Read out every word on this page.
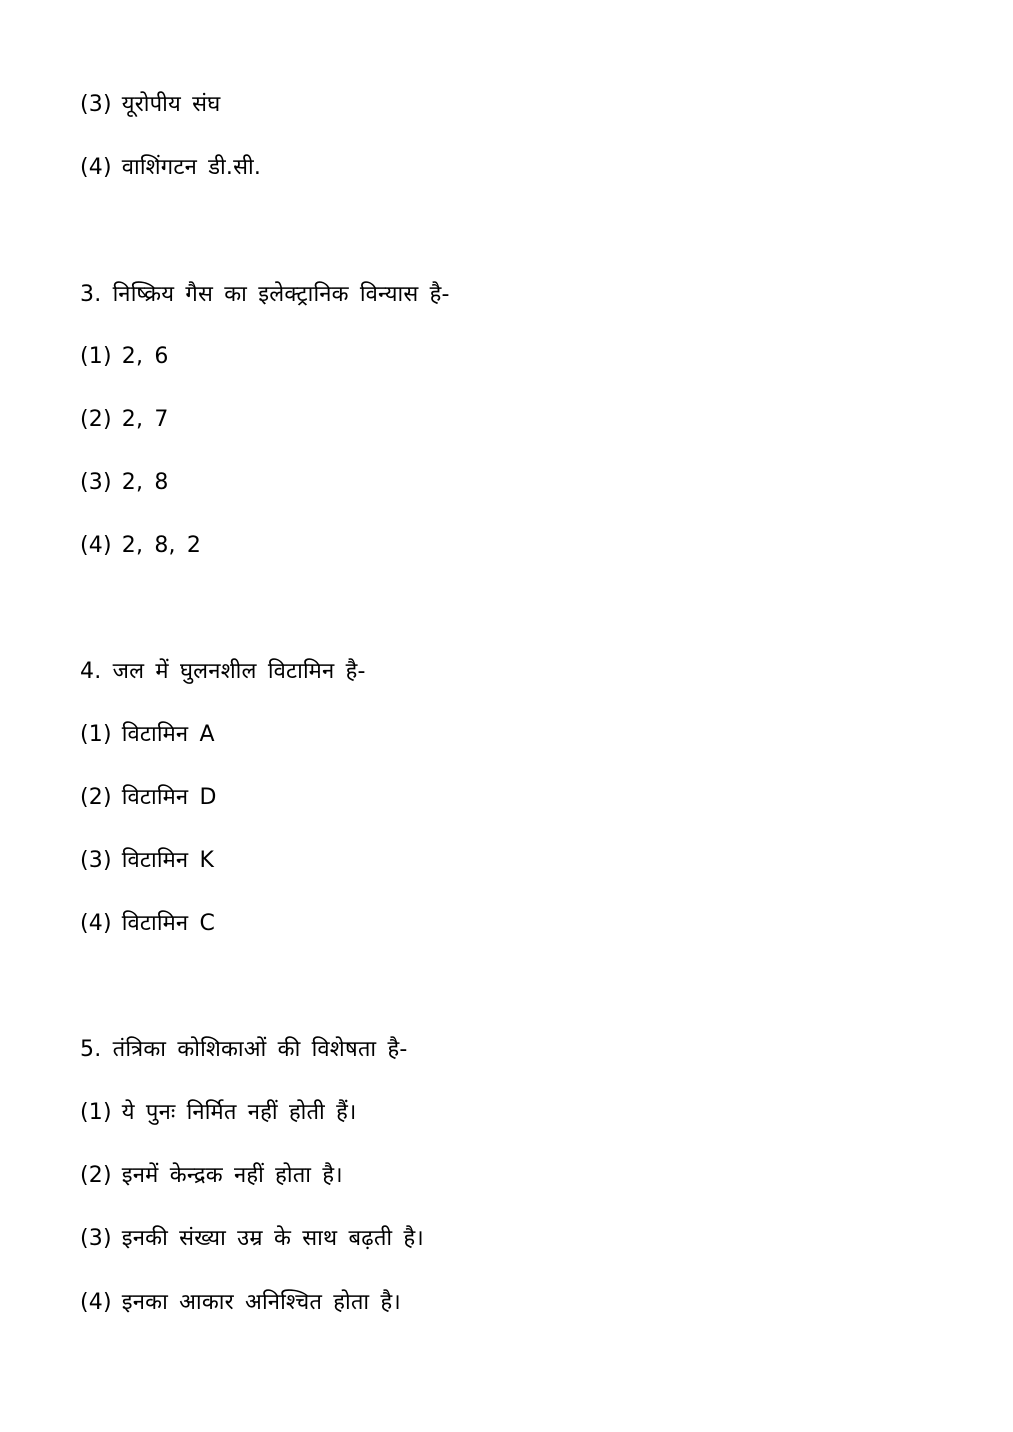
(3) यूरोपीय संघ
(4) वाशिंगटन डी.सी.
3. निष्क्रिय गैस का इलेक्ट्रानिक विन्यास है-
(1) 2, 6
(2) 2, 7
(3) 2, 8
(4) 2, 8, 2
4. जल में घुलनशील विटामिन है-
(1) विटामिन A
(2) विटामिन D
(3) विटामिन K
(4) विटामिन C
5. तंत्रिका कोशिकाओं की विशेषता है-
(1) ये पुनः निर्मित नहीं होती हैं।
(2) इनमें केन्द्रक नहीं होता है।
(3) इनकी संख्या उम्र के साथ बढ़ती है।
(4) इनका आकार अनिश्चित होता है।
